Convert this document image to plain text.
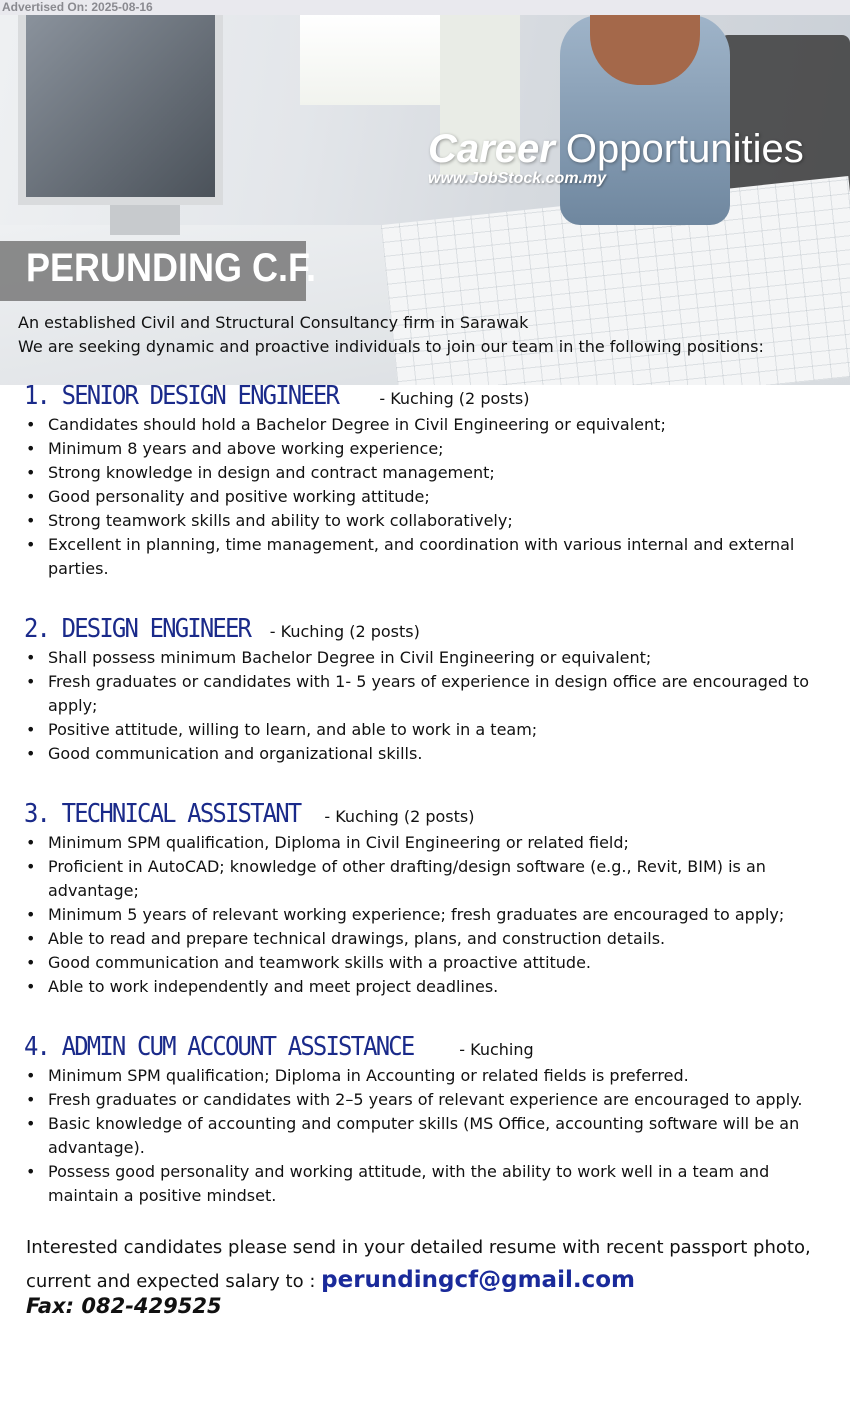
Advertised On: 2025-08-16
Career Opportunities
www.JobStock.com.my
PERUNDING C.F.
An established Civil and Structural Consultancy firm in Sarawak
We are seeking dynamic and proactive individuals to join our team in the following positions:
1. SENIOR DESIGN ENGINEER	- Kuching (2 posts)
• Candidates should hold a Bachelor Degree in Civil Engineering or equivalent;
• Minimum 8 years and above working experience;
• Strong knowledge in design and contract management;
• Good personality and positive working attitude;
• Strong teamwork skills and ability to work collaboratively;
• Excellent in planning, time management, and coordination with various internal and external parties.
2. DESIGN ENGINEER - Kuching (2 posts)
• Shall possess minimum Bachelor Degree in Civil Engineering or equivalent;
• Fresh graduates or candidates with 1- 5 years of experience in design office are encouraged to apply;
• Positive attitude, willing to learn, and able to work in a team;
• Good communication and organizational skills.
3. TECHNICAL ASSISTANT - Kuching (2 posts)
• Minimum SPM qualification, Diploma in Civil Engineering or related field;
• Proficient in AutoCAD; knowledge of other drafting/design software (e.g., Revit, BIM) is an advantage;
• Minimum 5 years of relevant working experience; fresh graduates are encouraged to apply;
• Able to read and prepare technical drawings, plans, and construction details.
• Good communication and teamwork skills with a proactive attitude.
• Able to work independently and meet project deadlines.
4. ADMIN CUM ACCOUNT ASSISTANCE	- Kuching
• Minimum SPM qualification; Diploma in Accounting or related fields is preferred.
• Fresh graduates or candidates with 2–5 years of relevant experience are encouraged to apply.
• Basic knowledge of accounting and computer skills (MS Office, accounting software will be an advantage).
• Possess good personality and working attitude, with the ability to work well in a team and maintain a positive mindset.
Interested candidates please send in your detailed resume with recent passport photo,
current and expected salary to : perundingcf@gmail.com
Fax: 082-429525
